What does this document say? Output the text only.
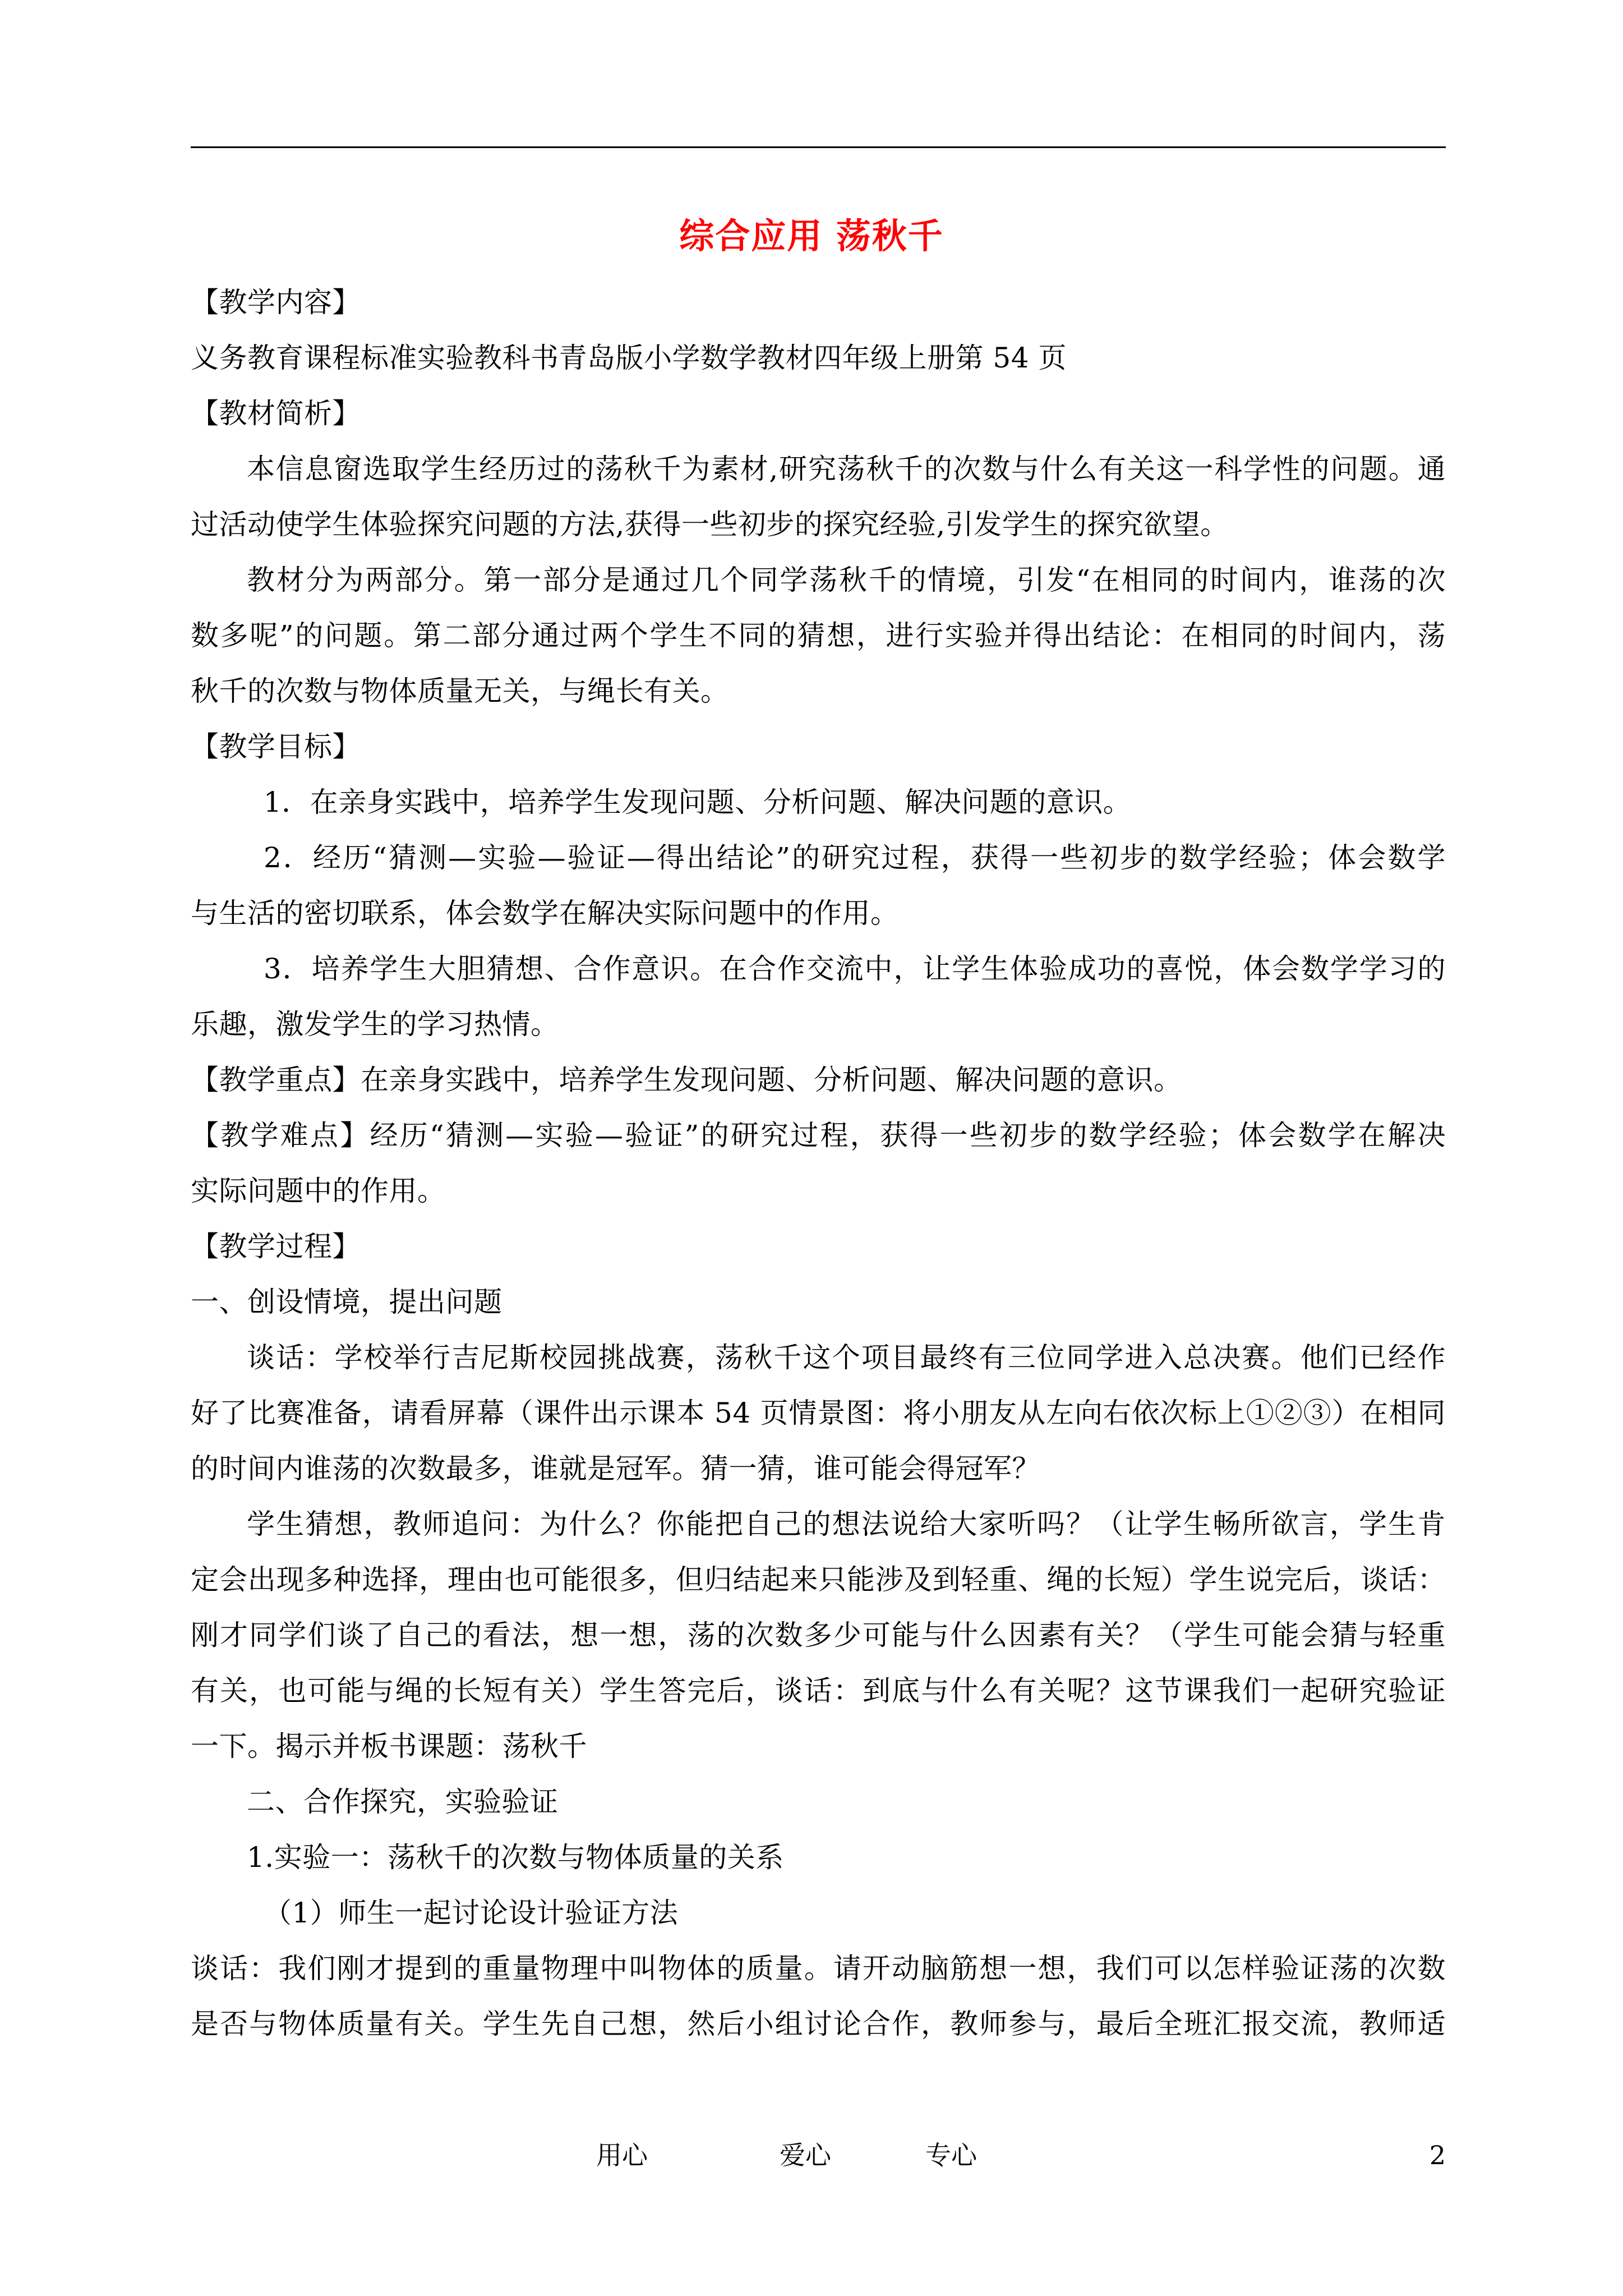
综合应用 荡秋千
【教学内容】
义务教育课程标准实验教科书青岛版小学数学教材四年级上册第 54 页
【教材简析】
本信息窗选取学生经历过的荡秋千为素材,研究荡秋千的次数与什么有关这一科学性的问题。通
过活动使学生体验探究问题的方法,获得一些初步的探究经验,引发学生的探究欲望。
教材分为两部分。第一部分是通过几个同学荡秋千的情境，引发“在相同的时间内，谁荡的次
数多呢”的问题。第二部分通过两个学生不同的猜想，进行实验并得出结论：在相同的时间内，荡
秋千的次数与物体质量无关，与绳长有关。
【教学目标】
1．在亲身实践中，培养学生发现问题、分析问题、解决问题的意识。
2．经历“猜测—实验—验证—得出结论”的研究过程，获得一些初步的数学经验；体会数学
与生活的密切联系，体会数学在解决实际问题中的作用。
3．培养学生大胆猜想、合作意识。在合作交流中，让学生体验成功的喜悦，体会数学学习的
乐趣，激发学生的学习热情。
【教学重点】在亲身实践中，培养学生发现问题、分析问题、解决问题的意识。
【教学难点】经历“猜测—实验—验证”的研究过程，获得一些初步的数学经验；体会数学在解决
实际问题中的作用。
【教学过程】
一、创设情境，提出问题
谈话：学校举行吉尼斯校园挑战赛，荡秋千这个项目最终有三位同学进入总决赛。他们已经作
好了比赛准备，请看屏幕（课件出示课本 54 页情景图：将小朋友从左向右依次标上①②③）在相同
的时间内谁荡的次数最多，谁就是冠军。猜一猜，谁可能会得冠军？
学生猜想，教师追问：为什么？你能把自己的想法说给大家听吗？（让学生畅所欲言，学生肯
定会出现多种选择，理由也可能很多，但归结起来只能涉及到轻重、绳的长短）学生说完后，谈话：
刚才同学们谈了自己的看法，想一想，荡的次数多少可能与什么因素有关？（学生可能会猜与轻重
有关，也可能与绳的长短有关）学生答完后，谈话：到底与什么有关呢？这节课我们一起研究验证
一下。揭示并板书课题：荡秋千
二、合作探究，实验验证
1.实验一：荡秋千的次数与物体质量的关系
（1）师生一起讨论设计验证方法
谈话：我们刚才提到的重量物理中叫物体的质量。请开动脑筋想一想，我们可以怎样验证荡的次数
是否与物体质量有关。学生先自己想，然后小组讨论合作，教师参与，最后全班汇报交流，教师适
用心	爱心	专心	2
